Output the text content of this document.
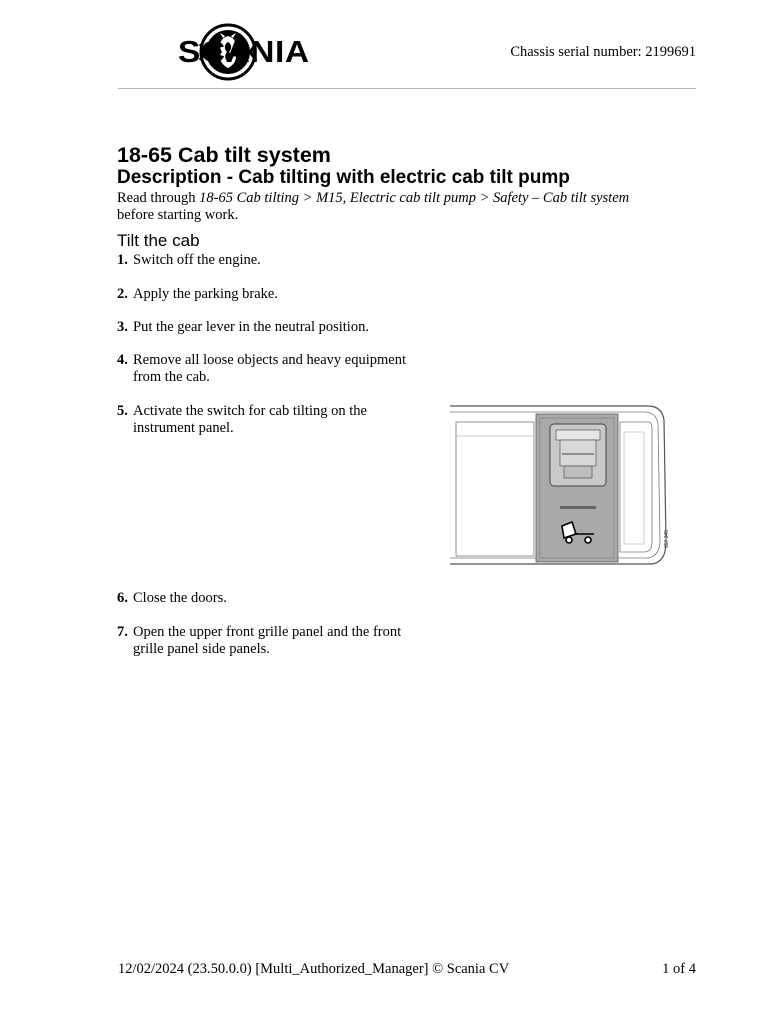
SCANIA	Chassis serial number: 2199691
18-65 Cab tilt system
Description - Cab tilting with electric cab tilt pump
Read through 18-65 Cab tilting > M15, Electric cab tilt pump > Safety – Cab tilt system
before starting work.
Tilt the cab
1. Switch off the engine.
2. Apply the parking brake.
3. Put the gear lever in the neutral position.
4. Remove all loose objects and heavy equipment from the cab.
5. Activate the switch for cab tilting on the instrument panel.
6. Close the doors.
7. Open the upper front grille panel and the front grille panel side panels.
357 345
12/02/2024 (23.50.0.0) [Multi_Authorized_Manager] © Scania CV	1 of 4
